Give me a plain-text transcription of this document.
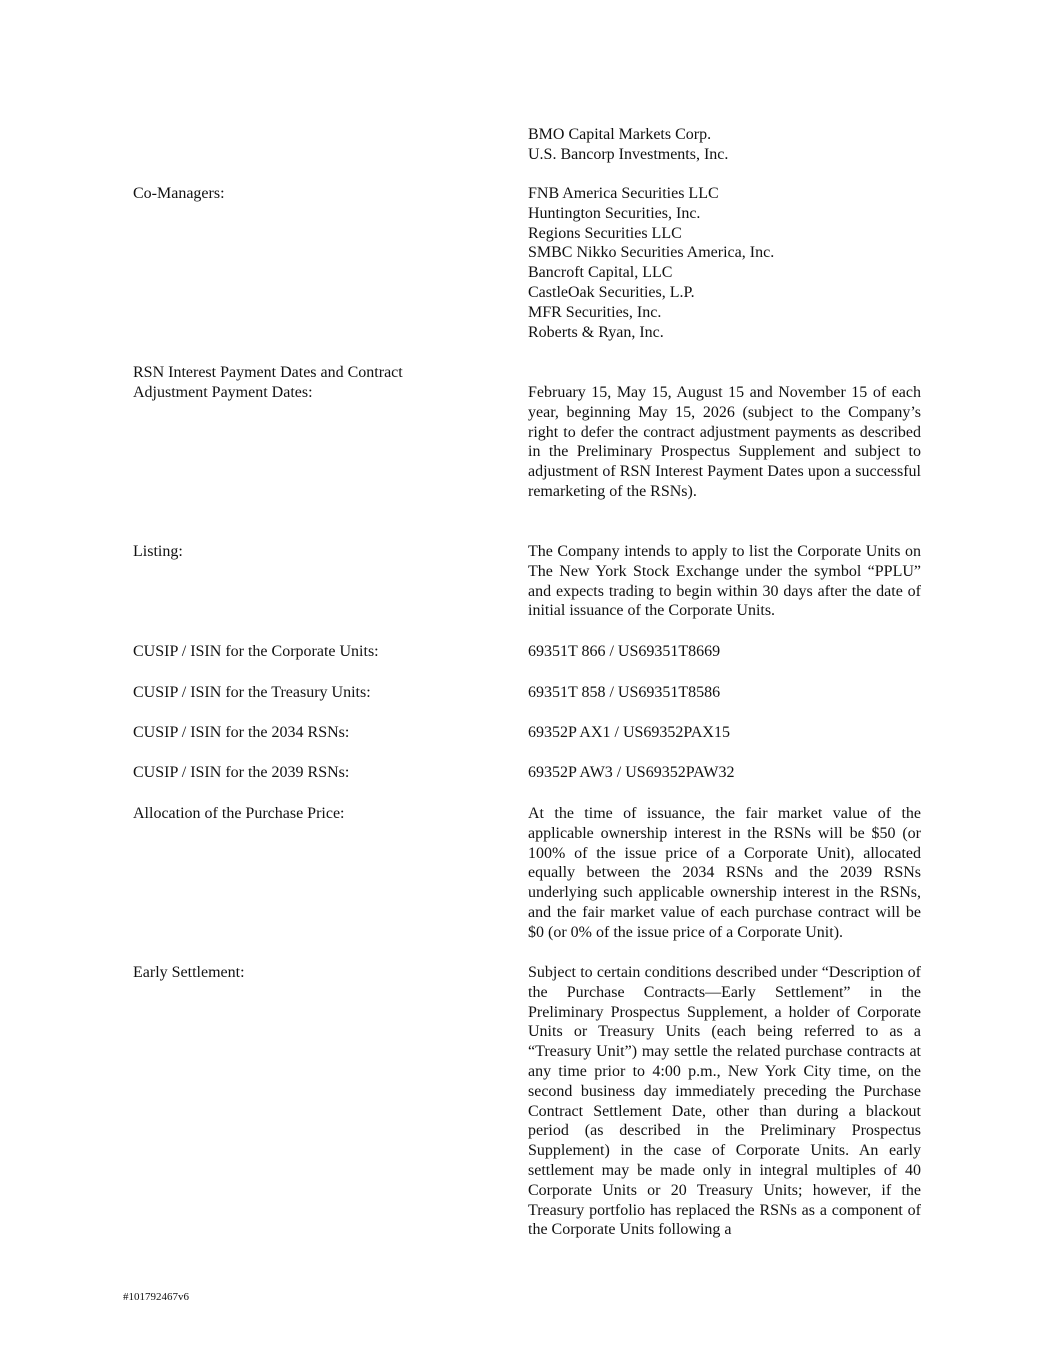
BMO Capital Markets Corp.
U.S. Bancorp Investments, Inc.
Co-Managers:	FNB America Securities LLC
Huntington Securities, Inc.
Regions Securities LLC
SMBC Nikko Securities America, Inc.
Bancroft Capital, LLC
CastleOak Securities, L.P.
MFR Securities, Inc.
Roberts & Ryan, Inc.
RSN Interest Payment Dates and Contract
Adjustment Payment Dates:	February 15, May 15, August 15 and November 15 of each year, beginning May 15, 2026 (subject to the Company’s right to defer the contract adjustment payments as described in the Preliminary Prospectus Supplement and subject to adjustment of RSN Interest Payment Dates upon a successful remarketing of the RSNs).
Listing:	The Company intends to apply to list the Corporate Units on The New York Stock Exchange under the symbol “PPLU” and expects trading to begin within 30 days after the date of initial issuance of the Corporate Units.
CUSIP / ISIN for the Corporate Units:	69351T 866 / US69351T8669
CUSIP / ISIN for the Treasury Units:	69351T 858 / US69351T8586
CUSIP / ISIN for the 2034 RSNs:	69352P AX1 / US69352PAX15
CUSIP / ISIN for the 2039 RSNs:	69352P AW3 / US69352PAW32
Allocation of the Purchase Price:	At the time of issuance, the fair market value of the applicable ownership interest in the RSNs will be $50 (or 100% of the issue price of a Corporate Unit), allocated equally between the 2034 RSNs and the 2039 RSNs underlying such applicable ownership interest in the RSNs, and the fair market value of each purchase contract will be $0 (or 0% of the issue price of a Corporate Unit).
Early Settlement:	Subject to certain conditions described under “Description of the Purchase Contracts—Early Settlement” in the Preliminary Prospectus Supplement, a holder of Corporate Units or Treasury Units (each being referred to as a “Treasury Unit”) may settle the related purchase contracts at any time prior to 4:00 p.m., New York City time, on the second business day immediately preceding the Purchase Contract Settlement Date, other than during a blackout period (as described in the Preliminary Prospectus Supplement) in the case of Corporate Units. An early settlement may be made only in integral multiples of 40 Corporate Units or 20 Treasury Units; however, if the Treasury portfolio has replaced the RSNs as a component of the Corporate Units following a
#101792467v6
